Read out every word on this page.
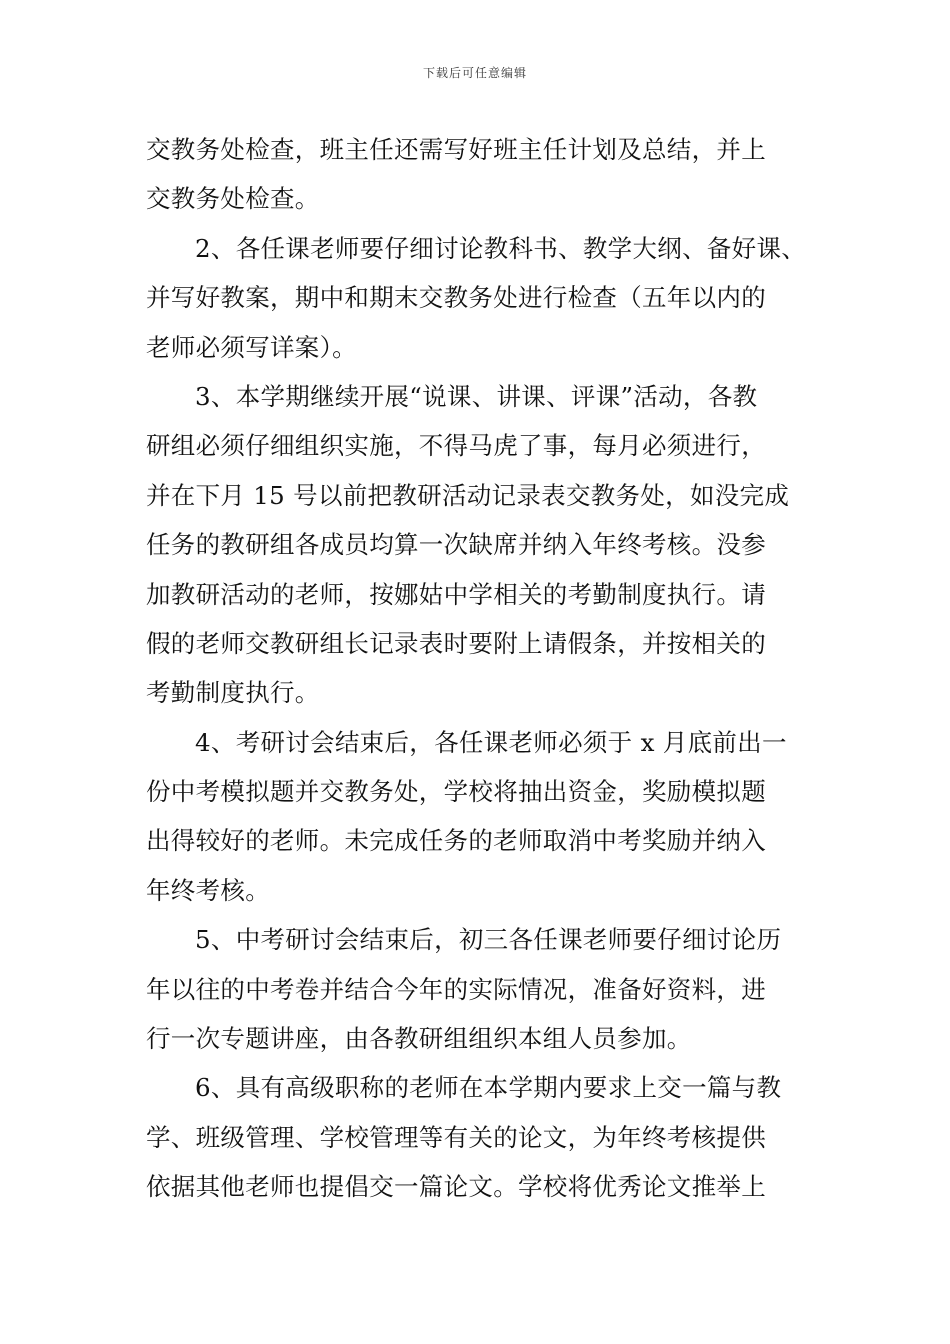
下载后可任意编辑
交教务处检查，班主任还需写好班主任计划及总结，并上
交教务处检查。
2、各任课老师要仔细讨论教科书、教学大纲、备好课、
并写好教案，期中和期末交教务处进行检查（五年以内的
老师必须写详案）。
3、本学期继续开展“说课、讲课、评课”活动，各教
研组必须仔细组织实施，不得马虎了事，每月必须进行，
并在下月 15 号以前把教研活动记录表交教务处，如没完成
任务的教研组各成员均算一次缺席并纳入年终考核。没参
加教研活动的老师，按娜姑中学相关的考勤制度执行。请
假的老师交教研组长记录表时要附上请假条，并按相关的
考勤制度执行。
4、考研讨会结束后，各任课老师必须于 x 月底前出一
份中考模拟题并交教务处，学校将抽出资金，奖励模拟题
出得较好的老师。未完成任务的老师取消中考奖励并纳入
年终考核。
5、中考研讨会结束后，初三各任课老师要仔细讨论历
年以往的中考卷并结合今年的实际情况，准备好资料，进
行一次专题讲座，由各教研组组织本组人员参加。
6、具有高级职称的老师在本学期内要求上交一篇与教
学、班级管理、学校管理等有关的论文，为年终考核提供
依据其他老师也提倡交一篇论文。学校将优秀论文推举上
